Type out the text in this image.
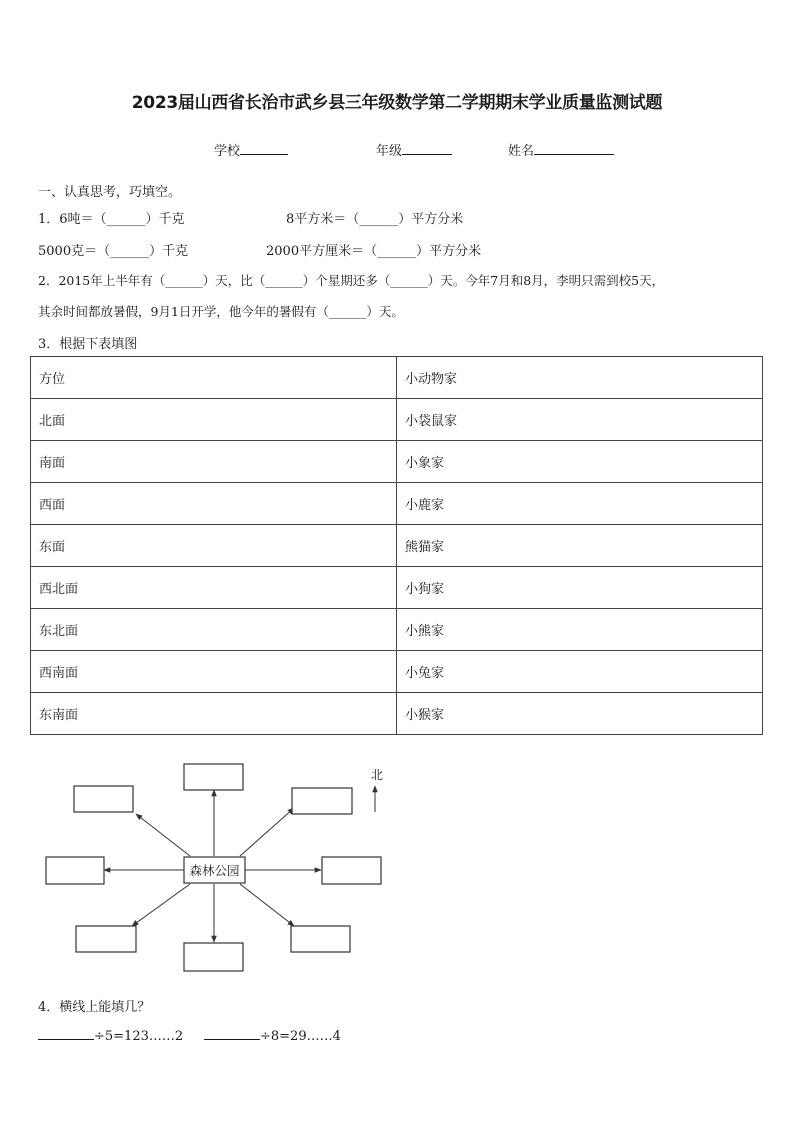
2023届山西省长治市武乡县三年级数学第二学期期末学业质量监测试题
学校	年级	姓名
一、认真思考，巧填空。
1．6吨＝（______）千克	8平方米＝（______）平方分米
5000克＝（______）千克	2000平方厘米＝（______）平方分米
2．2015年上半年有（______）天，比（______）个星期还多（______）天。今年7月和8月，李明只需到校5天，
其余时间都放暑假，9月1日开学，他今年的暑假有（______）天。
3．根据下表填图
方位	小动物家
北面	小袋鼠家
南面	小象家
西面	小鹿家
东面	熊猫家
西北面	小狗家
东北面	小熊家
西南面	小兔家
东南面	小猴家
森林公园
北
4．横线上能填几？
÷5=123……2	÷8=29……4
